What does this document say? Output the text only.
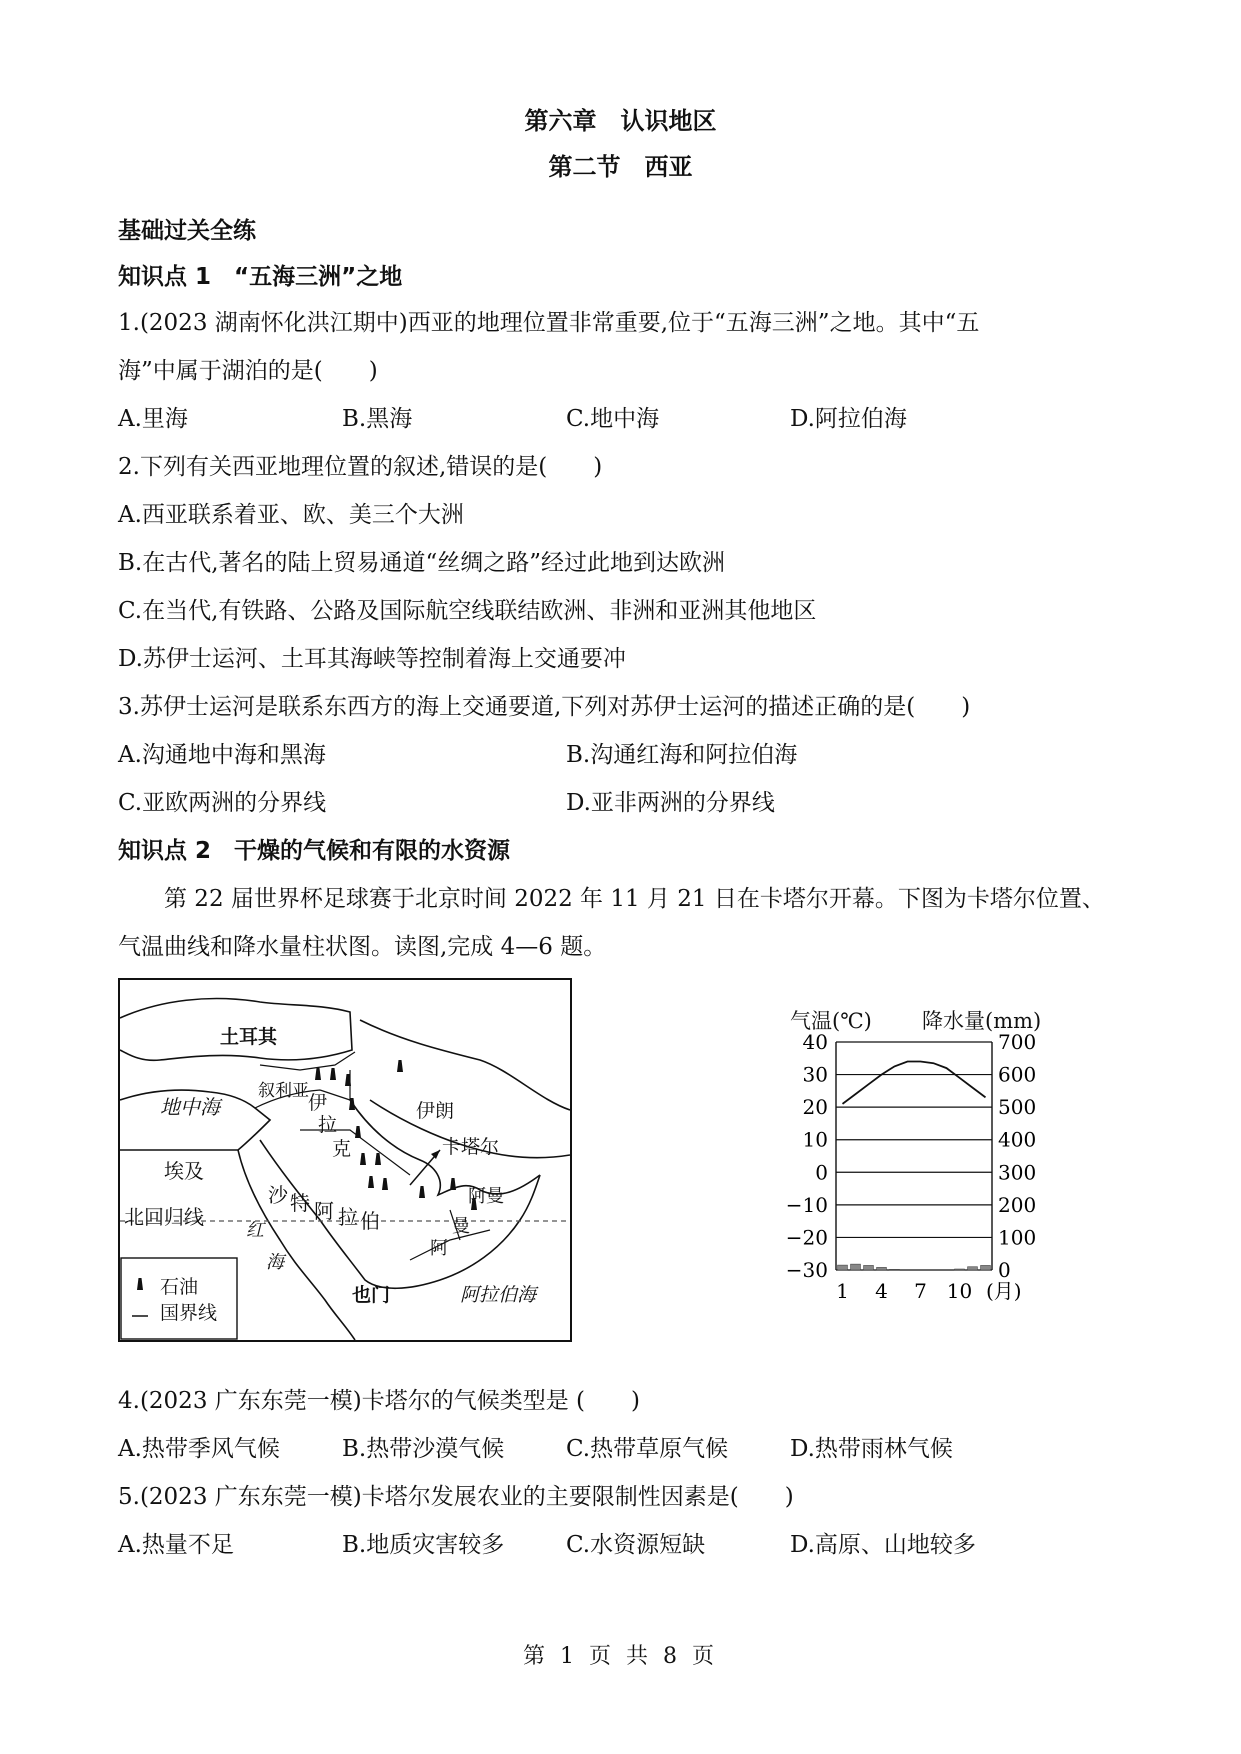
第六章　认识地区
第二节　西亚
基础过关全练
知识点 1　“五海三洲”之地
1.(2023 湖南怀化洪江期中)西亚的地理位置非常重要,位于“五海三洲”之地。其中“五
海”中属于湖泊的是(　　)
A.里海	B.黑海	C.地中海	D.阿拉伯海
2.下列有关西亚地理位置的叙述,错误的是(　　)
A.西亚联系着亚、欧、美三个大洲
B.在古代,著名的陆上贸易通道“丝绸之路”经过此地到达欧洲
C.在当代,有铁路、公路及国际航空线联结欧洲、非洲和亚洲其他地区
D.苏伊士运河、土耳其海峡等控制着海上交通要冲
3.苏伊士运河是联系东西方的海上交通要道,下列对苏伊士运河的描述正确的是(　　)
A.沟通地中海和黑海	B.沟通红海和阿拉伯海
C.亚欧两洲的分界线	D.亚非两洲的分界线
知识点 2　干燥的气候和有限的水资源
第 22 届世界杯足球赛于北京时间 2022 年 11 月 21 日在卡塔尔开幕。下图为卡塔尔位置、
气温曲线和降水量柱状图。读图,完成 4—6 题。
土耳其
叙利亚
伊
拉
克
伊朗
地中海
埃及
北回归线
卡塔尔
沙 特 阿 拉 伯
红
海
阿 曼
曼
阿
也门	阿拉伯海
石油
国界线
气温(℃) 降水量(mm)
40	700
30	600
20	500
10	400
0	300
−10	200
−20	100
−30	0
1 4 7 10 (月)
4.(2023 广东东莞一模)卡塔尔的气候类型是 (　　)
A.热带季风气候	B.热带沙漠气候	C.热带草原气候	D.热带雨林气候
5.(2023 广东东莞一模)卡塔尔发展农业的主要限制性因素是(　　)
A.热量不足	B.地质灾害较多	C.水资源短缺	D.高原、山地较多
第 1 页 共 8 页
